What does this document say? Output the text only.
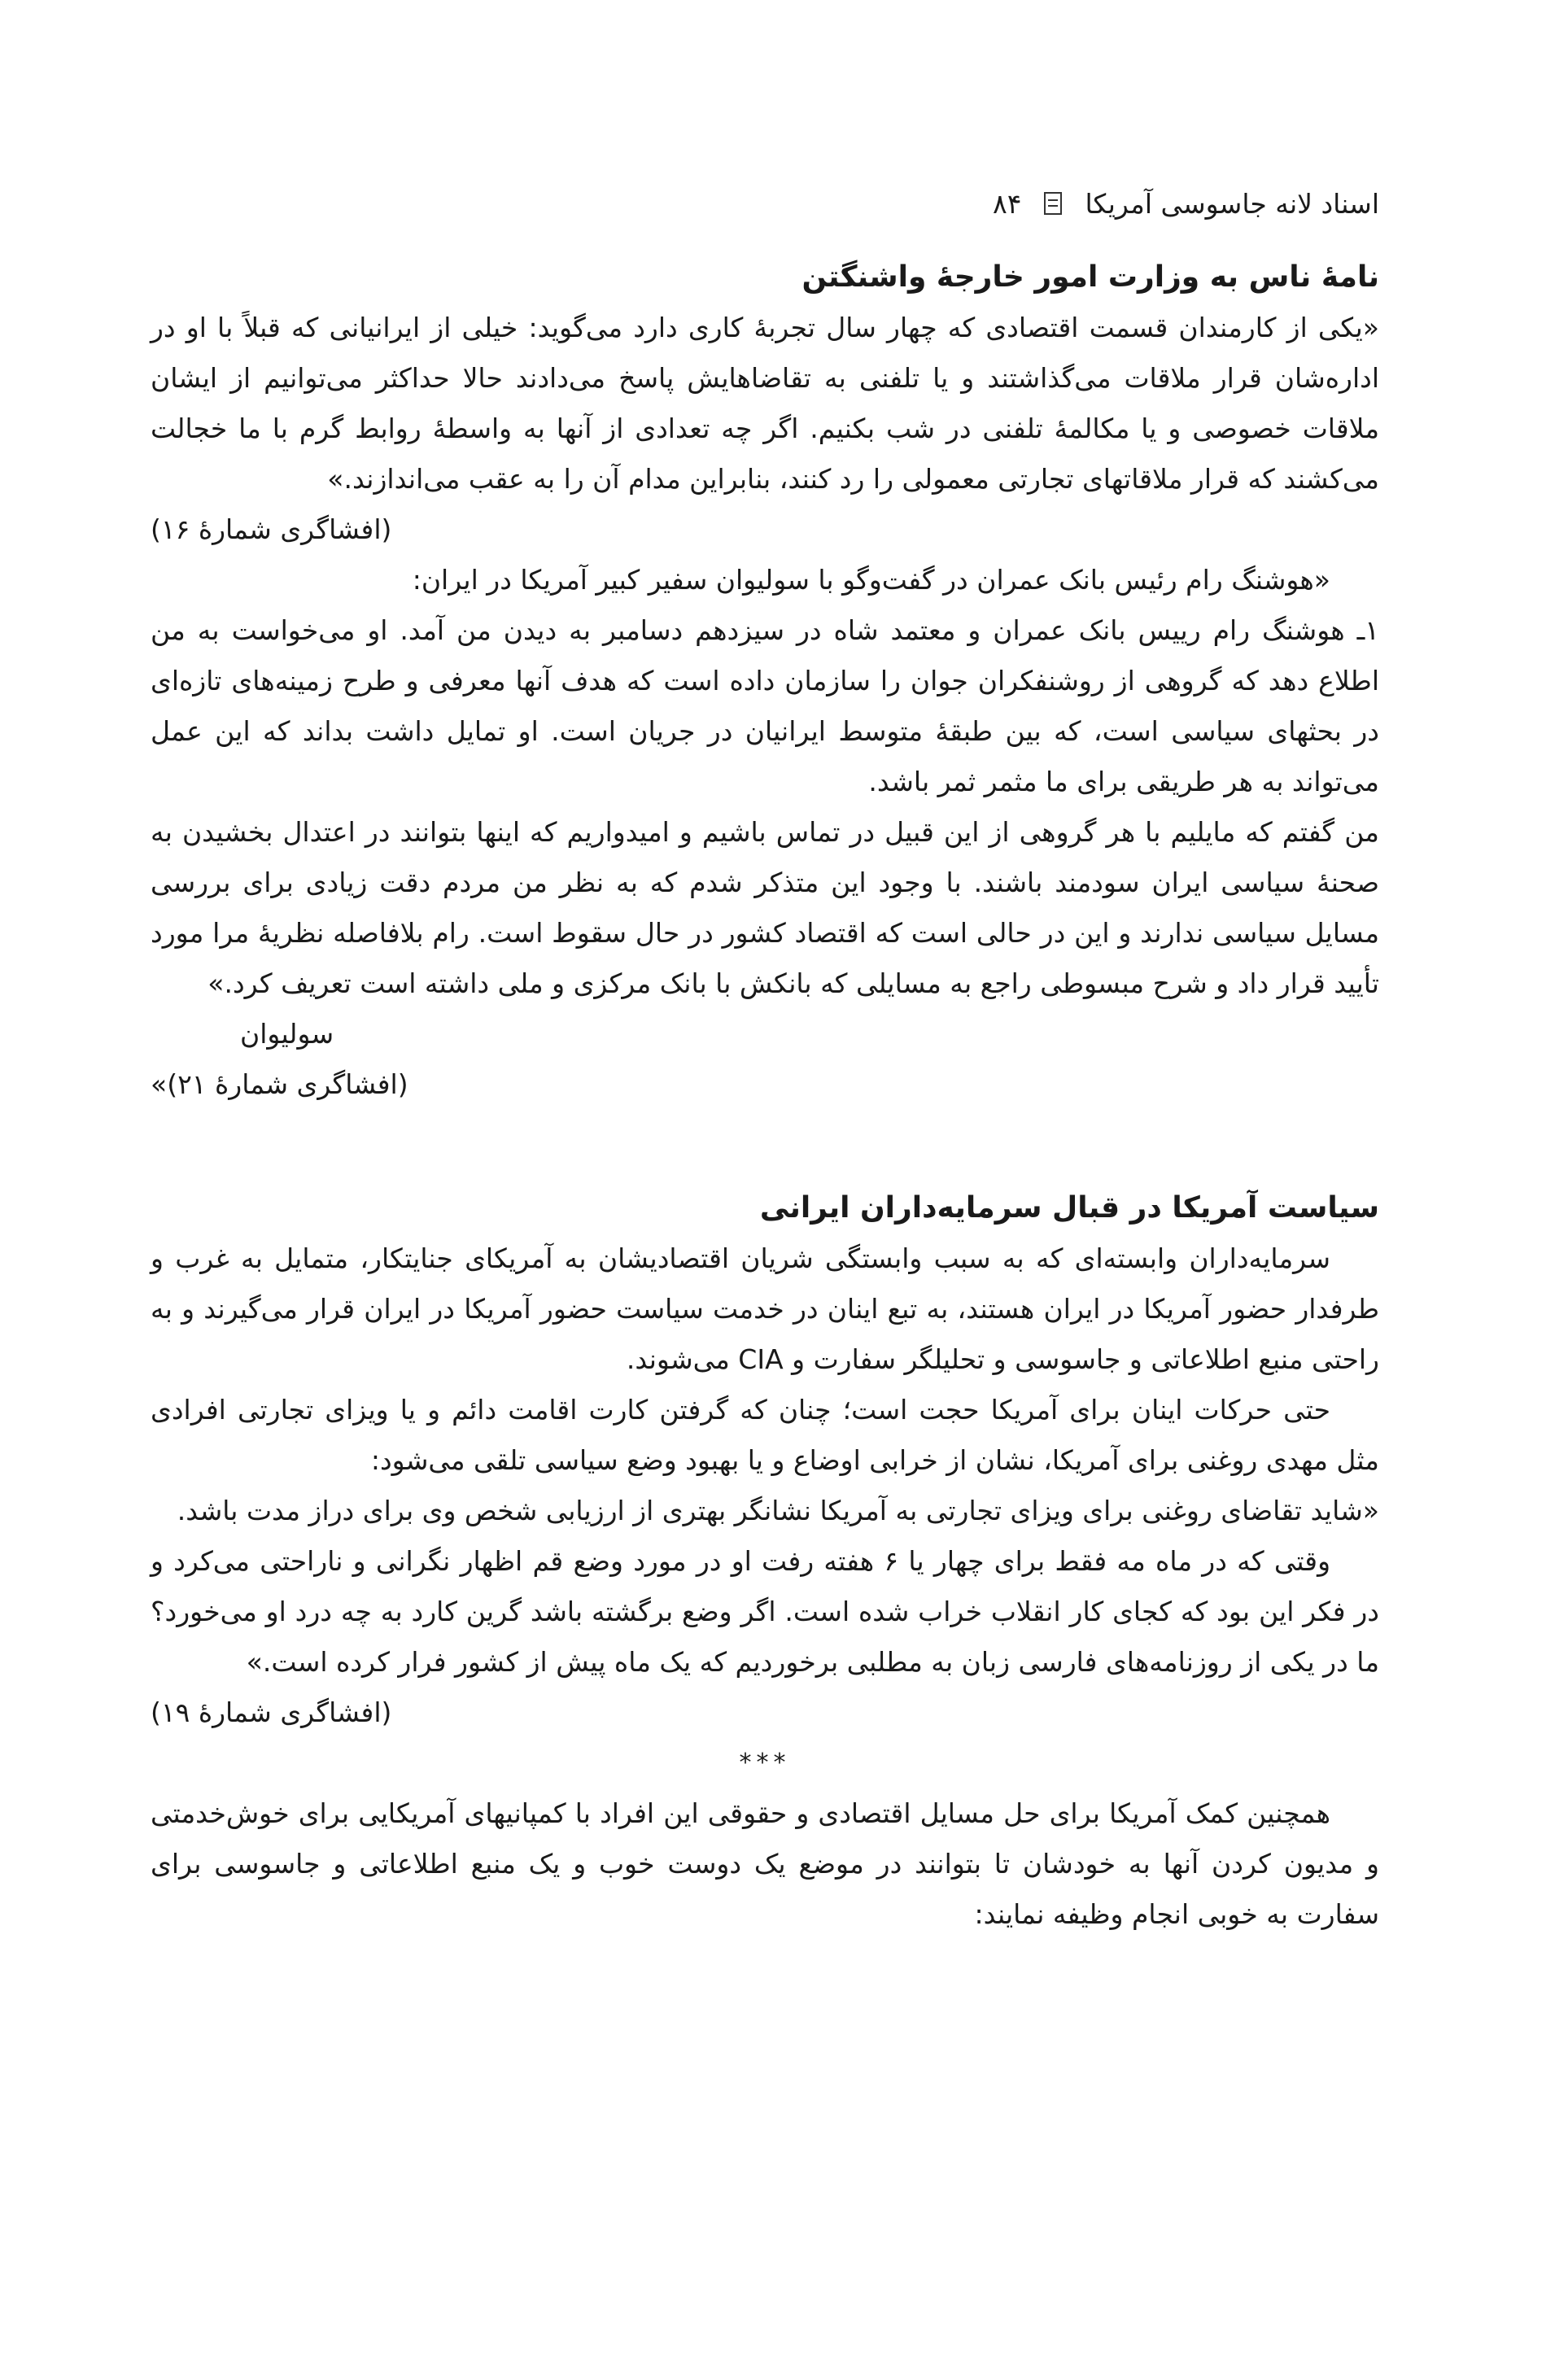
اسناد لانه جاسوسی آمریکا
۸۴
نامهٔ ناس به وزارت امور خارجهٔ واشنگتن

«یکی از کارمندان قسمت اقتصادی که چهار سال تجربهٔ کاری دارد می‌گوید: خیلی از ایرانیانی که قبلاً با او در اداره‌شان قرار ملاقات می‌گذاشتند و یا تلفنی به تقاضاهایش پاسخ می‌دادند حالا حداکثر می‌توانیم از ایشان ملاقات خصوصی و یا مکالمهٔ تلفنی در شب بکنیم. اگر چه تعدادی از آنها به واسطهٔ روابط گرم با ما خجالت می‌کشند که قرار ملاقاتهای تجارتی معمولی را رد کنند، بنابراین مدام آن را به عقب می‌اندازند.»

(افشاگری شمارهٔ ۱۶)

«هوشنگ رام رئیس بانک عمران در گفت‌وگو با سولیوان سفیر کبیر آمریکا در ایران:

۱ـ هوشنگ رام رییس بانک عمران و معتمد شاه در سیزدهم دسامبر به دیدن من آمد. او می‌خواست به من اطلاع دهد که گروهی از روشنفکران جوان را سازمان داده است که هدف آنها معرفی و طرح زمینه‌های تازه‌ای در بحثهای سیاسی است، که بین طبقهٔ متوسط ایرانیان در جریان است. او تمایل داشت بداند که این عمل می‌تواند به هر طریقی برای ما مثمر ثمر باشد.

من گفتم که مایلیم با هر گروهی از این قبیل در تماس باشیم و امیدواریم که اینها بتوانند در اعتدال بخشیدن به صحنهٔ سیاسی ایران سودمند باشند. با وجود این متذکر شدم که به نظر من مردم دقت زیادی برای بررسی مسایل سیاسی ندارند و این در حالی است که اقتصاد کشور در حال سقوط است. رام بلافاصله نظریهٔ مرا مورد تأیید قرار داد و شرح مبسوطی راجع به مسایلی که بانکش با بانک مرکزی و ملی داشته است تعریف کرد.»

سولیوان
(افشاگری شمارهٔ ۲۱)»
سیاست آمریکا در قبال سرمایه‌داران ایرانی

سرمایه‌داران وابسته‌ای که به سبب وابستگی شریان اقتصادیشان به آمریکای جنایتکار، متمایل به غرب و طرفدار حضور آمریکا در ایران هستند، به تبع اینان در خدمت سیاست حضور آمریکا در ایران قرار می‌گیرند و به راحتی منبع اطلاعاتی و جاسوسی و تحلیلگر سفارت و CIA می‌شوند.

حتی حرکات اینان برای آمریکا حجت است؛ چنان که گرفتن کارت اقامت دائم و یا ویزای تجارتی افرادی مثل مهدی روغنی برای آمریکا، نشان از خرابی اوضاع و یا بهبود وضع سیاسی تلقی می‌شود:

«شاید تقاضای روغنی برای ویزای تجارتی به آمریکا نشانگر بهتری از ارزیابی شخص وی برای دراز مدت باشد.

وقتی که در ماه مه فقط برای چهار یا ۶ هفته رفت او در مورد وضع قم اظهار نگرانی و ناراحتی می‌کرد و در فکر این بود که کجای کار انقلاب خراب شده است. اگر وضع برگشته باشد گرین کارد به چه درد او می‌خورد؟ ما در یکی از روزنامه‌های فارسی زبان به مطلبی برخوردیم که یک ماه پیش از کشور فرار کرده است.»

(افشاگری شمارهٔ ۱۹)
***

همچنین کمک آمریکا برای حل مسایل اقتصادی و حقوقی این افراد با کمپانیهای آمریکایی برای خوش‌خدمتی و مدیون کردن آنها به خودشان تا بتوانند در موضع یک دوست خوب و یک منبع اطلاعاتی و جاسوسی برای سفارت به خوبی انجام وظیفه نمایند:
